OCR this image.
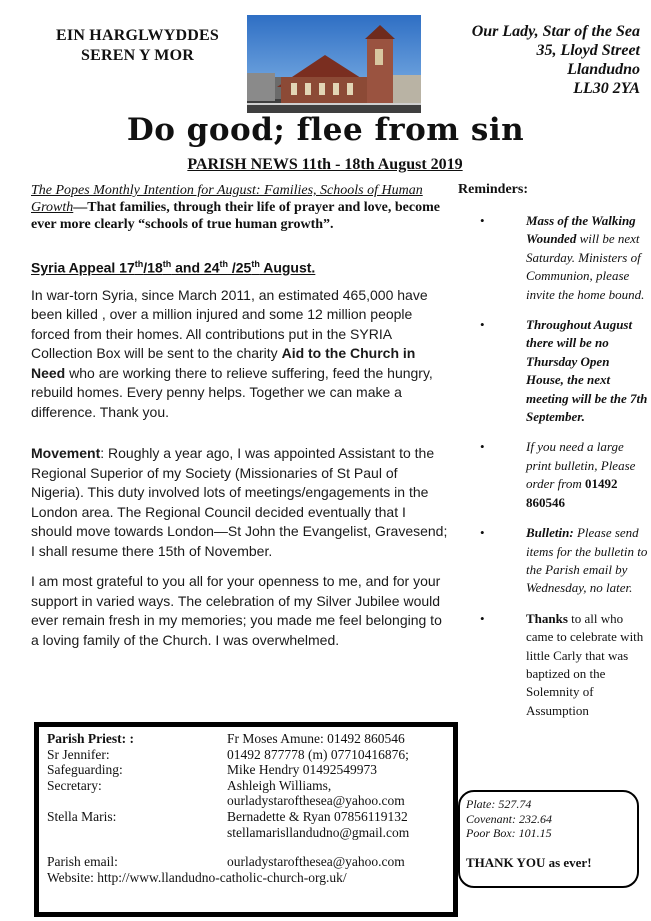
EIN HARGLWYDDES
SEREN Y MOR
Our Lady, Star of the Sea
35, Lloyd Street
Llandudno
LL30 2YA
Do good; flee from sin
PARISH NEWS 11th - 18th August 2019

The Popes Monthly Intention for August: Families, Schools of Human Growth—That families, through their life of prayer and love, become ever more clearly “schools of true human growth”.

Syria Appeal 17th/18th and 24th /25th August.

In war-torn Syria, since March 2011, an estimated 465,000 have been killed , over a million injured and some 12 million people forced from their homes. All contributions put in the SYRIA Collection Box will be sent to the charity Aid to the Church in Need who are working there to relieve suffering, feed the hungry, rebuild homes. Every penny helps. Together we can make a difference. Thank you.

Movement: Roughly a year ago, I was appointed Assistant to the Regional Superior of my Society (Missionaries of St Paul of Nigeria). This duty involved lots of meetings/engagements in the London area. The Regional Council decided eventually that I should move towards London—St John the Evangelist, Gravesend; I shall resume there 15th of November.

I am most grateful to you all for your openness to me, and for your support in varied ways. The celebration of my Silver Jubilee would ever remain fresh in my memories; you made me feel belonging to a loving family of the Church. I was overwhelmed.

Reminders:
•	Mass of the Walking Wounded will be next Saturday. Ministers of Communion, please invite the home bound.
•	Throughout August there will be no Thursday Open House, the next meeting will be the 7th September.
•	If you need a large print bulletin, Please order from 01492 860546
•	Bulletin: Please send items for the bulletin to the Parish email by Wednesday, no later.
•	Thanks to all who came to celebrate with little Carly that was baptized on the Solemnity of Assumption
Parish Priest: :	Fr Moses Amune: 01492 860546
Sr Jennifer:	01492 877778 (m) 07710416876;
Safeguarding:	Mike Hendry 01492549973
Secretary:	Ashleigh Williams,
ourladystarofthesea@yahoo.com
Stella Maris:	Bernadette & Ryan 07856119132
stellamarisllandudno@gmail.com
Parish email:	ourladystarofthesea@yahoo.com
Website: http://www.llandudno-catholic-church-org.uk/
Plate: 527.74
Covenant: 232.64
Poor Box: 101.15
THANK YOU as ever!
